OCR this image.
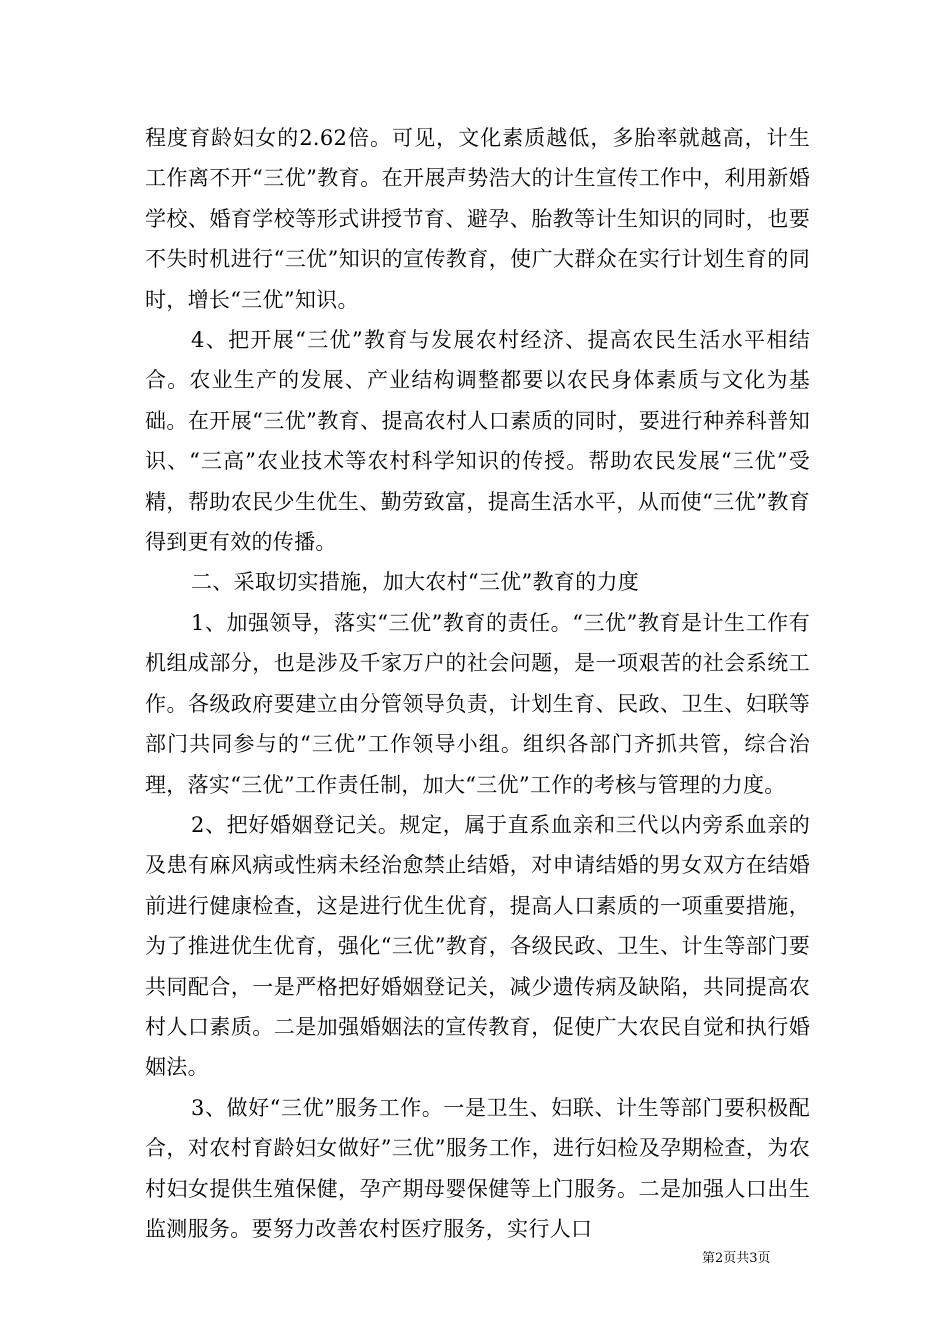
程度育龄妇女的2.62倍。可见，文化素质越低，多胎率就越高，计生工作离不开“三优”教育。在开展声势浩大的计生宣传工作中，利用新婚学校、婚育学校等形式讲授节育、避孕、胎教等计生知识的同时，也要不失时机进行“三优”知识的宣传教育，使广大群众在实行计划生育的同时，增长“三优”知识。

4、把开展“三优”教育与发展农村经济、提高农民生活水平相结合。农业生产的发展、产业结构调整都要以农民身体素质与文化为基础。在开展“三优”教育、提高农村人口素质的同时，要进行种养科普知识、“三高”农业技术等农村科学知识的传授。帮助农民发展“三优”受精，帮助农民少生优生、勤劳致富，提高生活水平，从而使“三优”教育得到更有效的传播。

二、采取切实措施，加大农村“三优”教育的力度

1、加强领导，落实“三优”教育的责任。“三优”教育是计生工作有机组成部分，也是涉及千家万户的社会问题，是一项艰苦的社会系统工作。各级政府要建立由分管领导负责，计划生育、民政、卫生、妇联等部门共同参与的“三优”工作领导小组。组织各部门齐抓共管，综合治理，落实“三优”工作责任制，加大“三优”工作的考核与管理的力度。

2、把好婚姻登记关。规定，属于直系血亲和三代以内旁系血亲的及患有麻风病或性病未经治愈禁止结婚，对申请结婚的男女双方在结婚前进行健康检查，这是进行优生优育，提高人口素质的一项重要措施，为了推进优生优育，强化“三优”教育，各级民政、卫生、计生等部门要共同配合，一是严格把好婚姻登记关，减少遗传病及缺陷，共同提高农村人口素质。二是加强婚姻法的宣传教育，促使广大农民自觉和执行婚姻法。

3、做好“三优”服务工作。一是卫生、妇联、计生等部门要积极配合，对农村育龄妇女做好”三优”服务工作，进行妇检及孕期检查，为农村妇女提供生殖保健，孕产期母婴保健等上门服务。二是加强人口出生监测服务。要努力改善农村医疗服务，实行人口

第2页共3页
